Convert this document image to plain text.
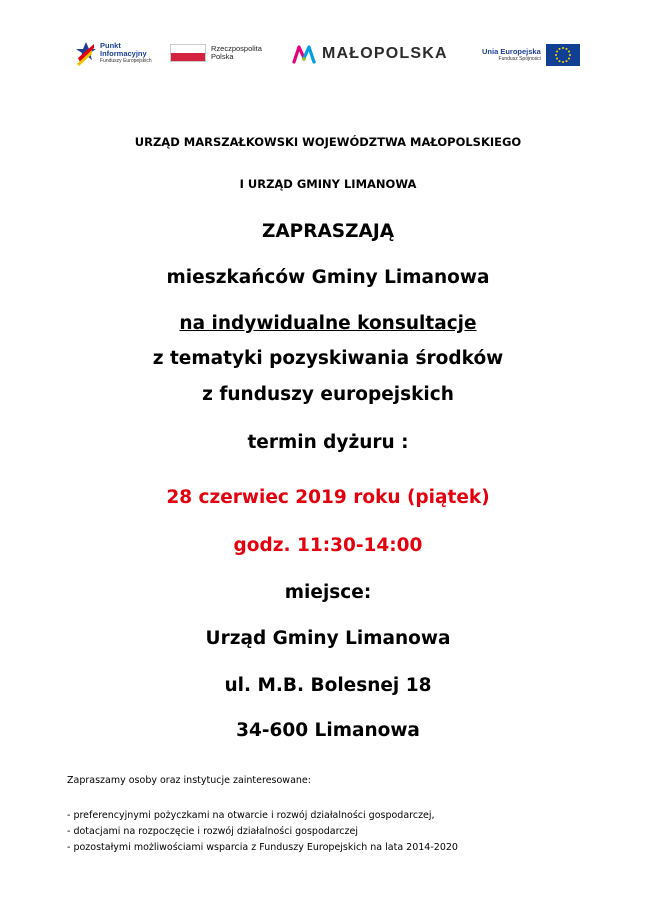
Punkt
Informacyjny
Funduszy Europejskich
Rzeczpospolita
Polska	MAŁOPOLSKA	Unia Europejska
Fundusz Spójności
URZĄD MARSZAŁKOWSKI WOJEWÓDZTWA MAŁOPOLSKIEGO
I URZĄD GMINY LIMANOWA
ZAPRASZAJĄ
mieszkańców Gminy Limanowa
na indywidualne konsultacje
z tematyki pozyskiwania środków
z funduszy europejskich
termin dyżuru :
28 czerwiec 2019 roku (piątek)
godz. 11:30-14:00
miejsce:
Urząd Gminy Limanowa
ul. M.B. Bolesnej 18
34-600 Limanowa
Zapraszamy osoby oraz instytucje zainteresowane:
- preferencyjnymi pożyczkami na otwarcie i rozwój działalności gospodarczej,
- dotacjami na rozpoczęcie i rozwój działalności gospodarczej
- pozostałymi możliwościami wsparcia z Funduszy Europejskich na lata 2014-2020
